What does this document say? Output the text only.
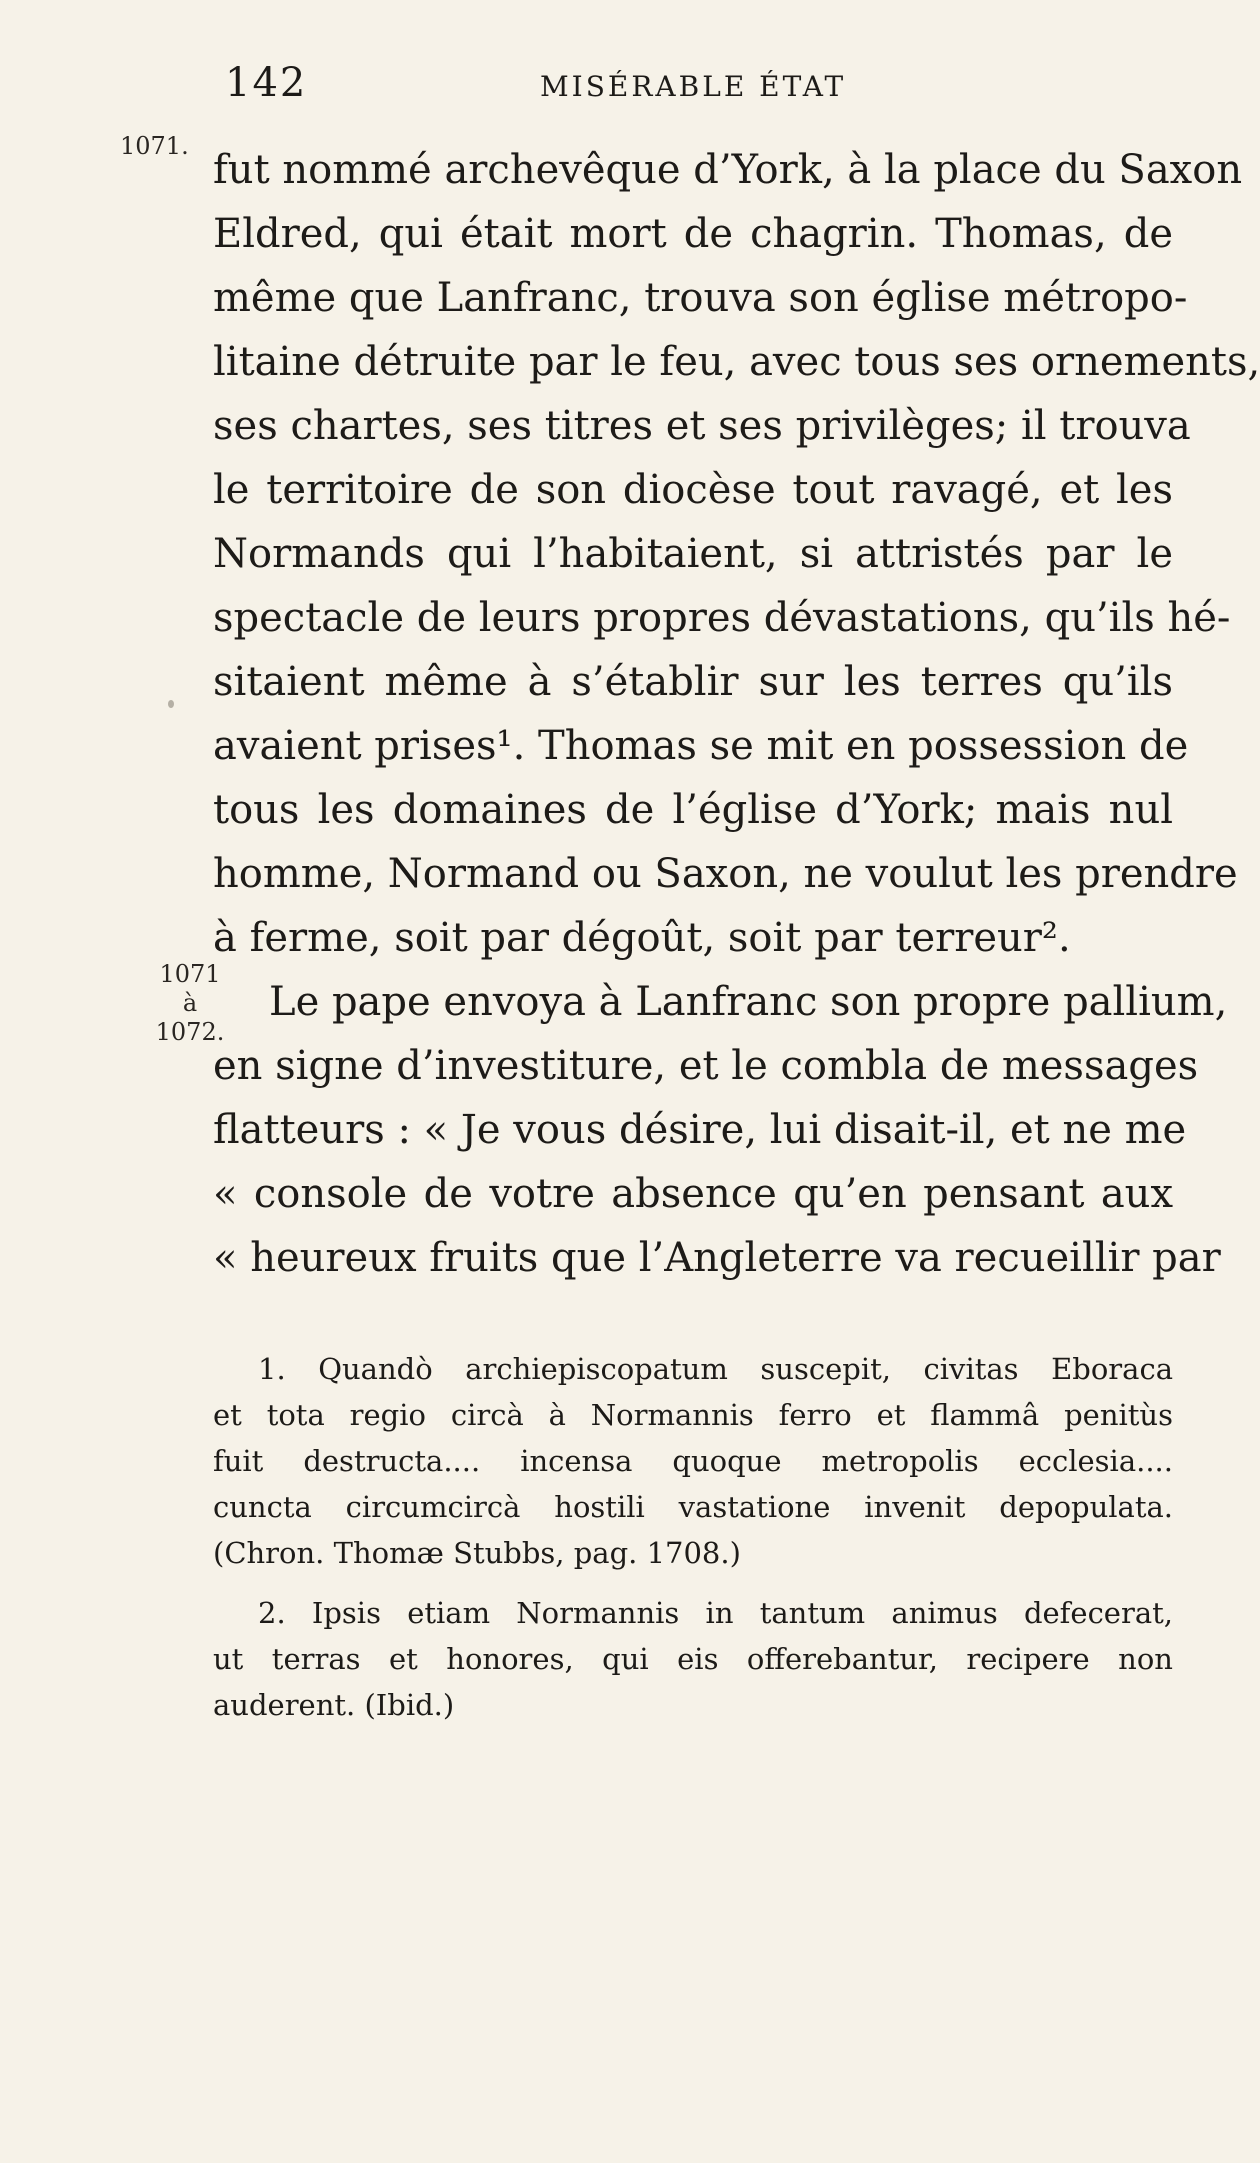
142	MISÉRABLE ÉTAT
1071.
1071
à
1072.
fut nommé archevêque d’York, à la place du Saxon
Eldred, qui était mort de chagrin. Thomas, de
même que Lanfranc, trouva son église métropo-
litaine détruite par le feu, avec tous ses ornements,
ses chartes, ses titres et ses privilèges; il trouva
le territoire de son diocèse tout ravagé, et les
Normands qui l’habitaient, si attristés par le
spectacle de leurs propres dévastations, qu’ils hé-
sitaient même à s’établir sur les terres qu’ils
avaient prises¹. Thomas se mit en possession de
tous les domaines de l’église d’York; mais nul
homme, Normand ou Saxon, ne voulut les prendre
à ferme, soit par dégoût, soit par terreur².
Le pape envoya à Lanfranc son propre pallium,
en signe d’investiture, et le combla de messages
flatteurs : « Je vous désire, lui disait-il, et ne me
« console de votre absence qu’en pensant aux
« heureux fruits que l’Angleterre va recueillir par
1. Quandò archiepiscopatum suscepit, civitas Eboraca
et tota regio circà à Normannis ferro et flammâ penitùs
fuit destructa.... incensa quoque metropolis ecclesia....
cuncta circumcircà hostili vastatione invenit depopulata.
(Chron. Thomæ Stubbs, pag. 1708.)
2. Ipsis etiam Normannis in tantum animus defecerat,
ut terras et honores, qui eis offerebantur, recipere non
auderent. (Ibid.)
